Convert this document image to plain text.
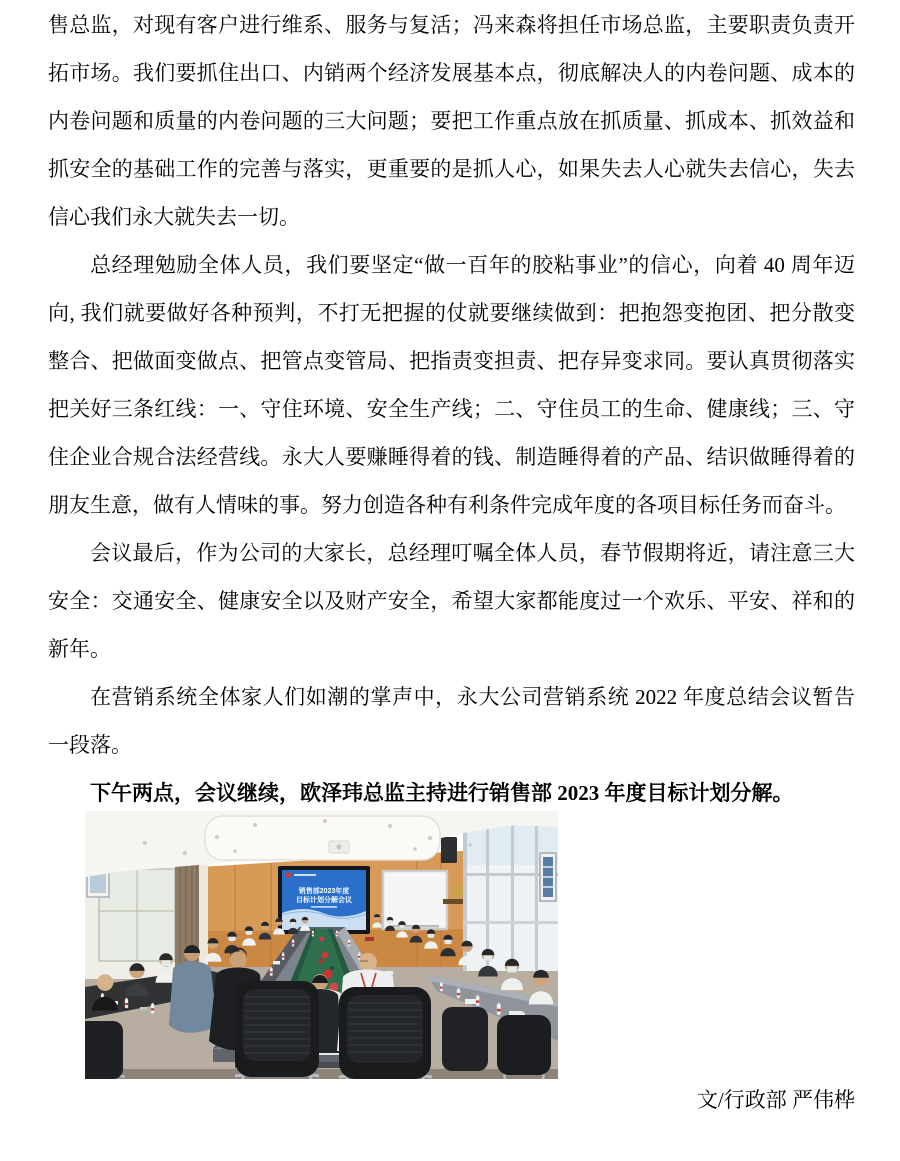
售总监，对现有客户进行维系、服务与复活；冯来森将担任市场总监，主要职责负责开拓市场。我们要抓住出口、内销两个经济发展基本点，彻底解决人的内卷问题、成本的内卷问题和质量的内卷问题的三大问题；要把工作重点放在抓质量、抓成本、抓效益和抓安全的基础工作的完善与落实，更重要的是抓人心，如果失去人心就失去信心，失去信心我们永大就失去一切。

总经理勉励全体人员，我们要坚定“做一百年的胶粘事业”的信心，向着 40 周年迈向, 我们就要做好各种预判，不打无把握的仗就要继续做到：把抱怨变抱团、把分散变整合、把做面变做点、把管点变管局、把指责变担责、把存异变求同。要认真贯彻落实把关好三条红线：一、守住环境、安全生产线；二、守住员工的生命、健康线；三、守住企业合规合法经营线。永大人要赚睡得着的钱、制造睡得着的产品、结识做睡得着的朋友生意，做有人情味的事。努力创造各种有利条件完成年度的各项目标任务而奋斗。

会议最后，作为公司的大家长，总经理叮嘱全体人员，春节假期将近，请注意三大安全：交通安全、健康安全以及财产安全，希望大家都能度过一个欢乐、平安、祥和的新年。

在营销系统全体家人们如潮的掌声中，永大公司营销系统 2022 年度总结会议暂告一段落。

下午两点，会议继续，欧泽玮总监主持进行销售部 2023 年度目标计划分解。

销售部2023年度
目标计划分解会议

文/行政部 严伟桦
